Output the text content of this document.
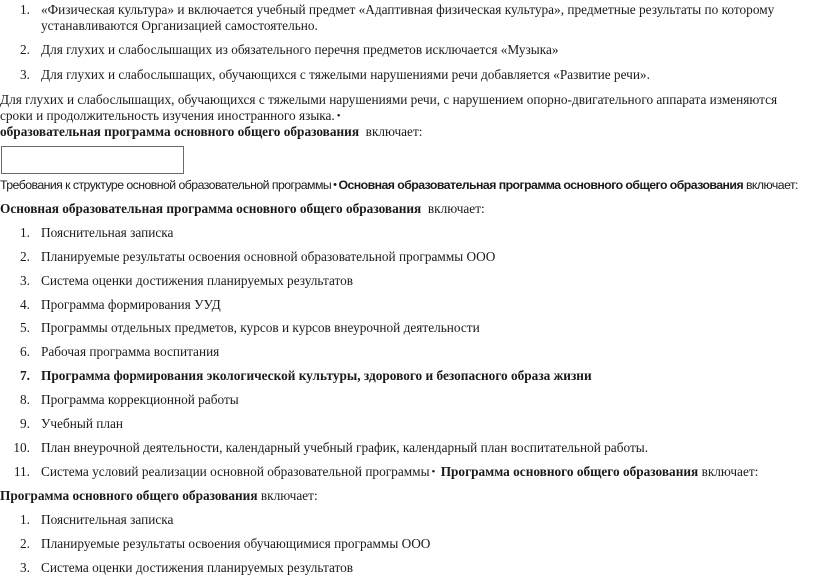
1. «Физическая культура» и включается учебный предмет «Адаптивная физическая культура», предметные результаты по которому
устанавливаются Организацией самостоятельно.
2. Для глухих и слабослышащих из обязательного перечня предметов исключается «Музыка»
3. Для глухих и слабослышащих, обучающихся с тяжелыми нарушениями речи добавляется «Развитие речи».
Для глухих и слабослышащих, обучающихся с тяжелыми нарушениями речи, с нарушением опорно-двигательного аппарата изменяются
сроки и продолжительность изучения иностранного языка. •
образовательная программа основного общего образования включает:
Требования к структуре основной образовательной программы • Основная образовательная программа основного общего образования включает:
Основная образовательная программа основного общего образования включает:
1. Пояснительная записка
2. Планируемые результаты освоения основной образовательной программы ООО
3. Система оценки достижения планируемых результатов
4. Программа формирования УУД
5. Программы отдельных предметов, курсов и курсов внеурочной деятельности
6. Рабочая программа воспитания
7. Программа формирования экологической культуры, здорового и безопасного образа жизни
8. Программа коррекционной работы
9. Учебный план
10. План внеурочной деятельности, календарный учебный график, календарный план воспитательной работы.
11. Система условий реализации основной образовательной программы • Программа основного общего образования включает:
Программа основного общего образования включает:
1. Пояснительная записка
2. Планируемые результаты освоения обучающимися программы ООО
3. Система оценки достижения планируемых результатов
